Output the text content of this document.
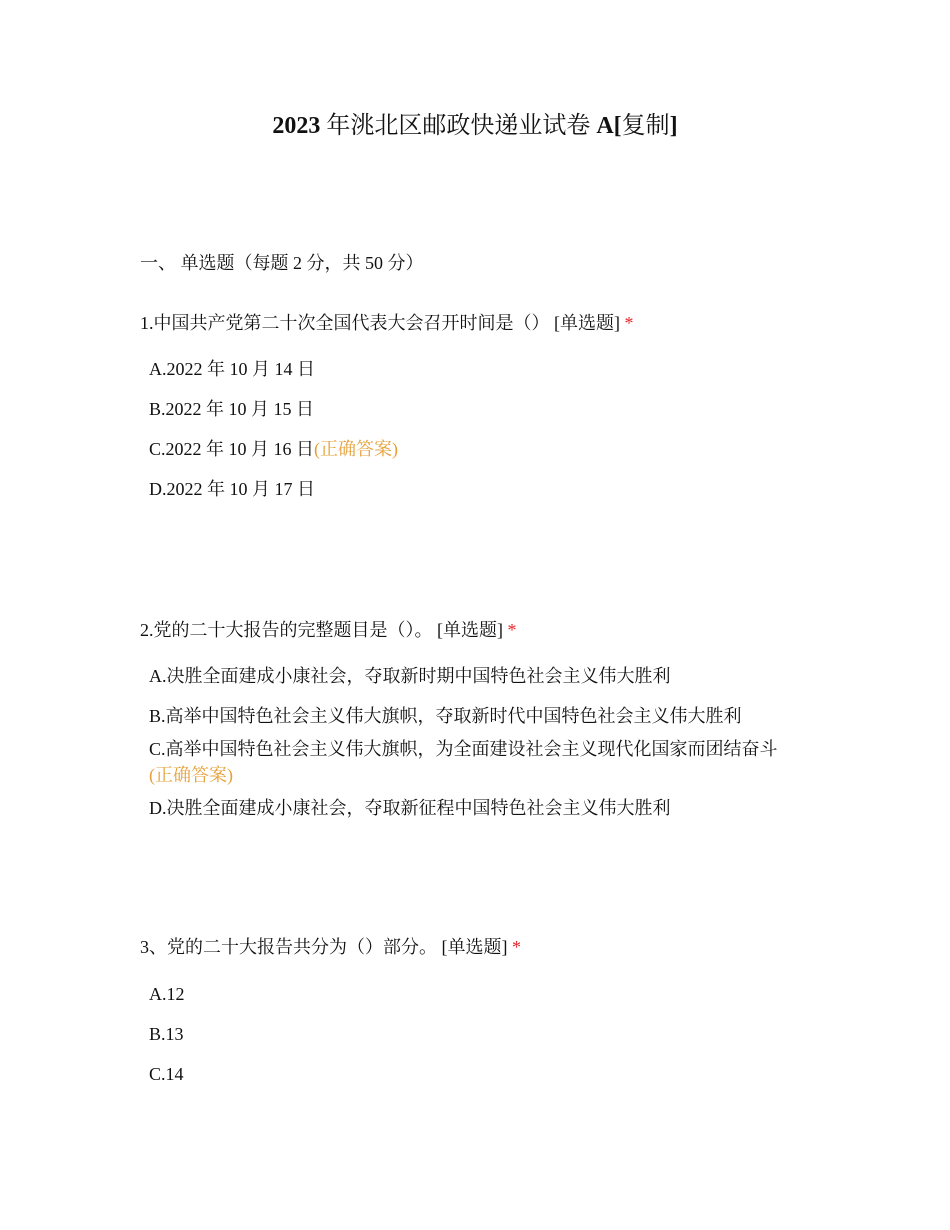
2023 年洮北区邮政快递业试卷 A[复制]
一、 单选题（每题 2 分，共 50 分）
1.中国共产党第二十次全国代表大会召开时间是（） [单选题] *
A.2022 年 10 月 14 日
B.2022 年 10 月 15 日
C.2022 年 10 月 16 日(正确答案)
D.2022 年 10 月 17 日
2.党的二十大报告的完整题目是（）。 [单选题] *
A.决胜全面建成小康社会，夺取新时期中国特色社会主义伟大胜利
B.高举中国特色社会主义伟大旗帜，夺取新时代中国特色社会主义伟大胜利
C.高举中国特色社会主义伟大旗帜，为全面建设社会主义现代化国家而团结奋斗
(正确答案)
D.决胜全面建成小康社会，夺取新征程中国特色社会主义伟大胜利
3、党的二十大报告共分为（）部分。 [单选题] *
A.12
B.13
C.14
